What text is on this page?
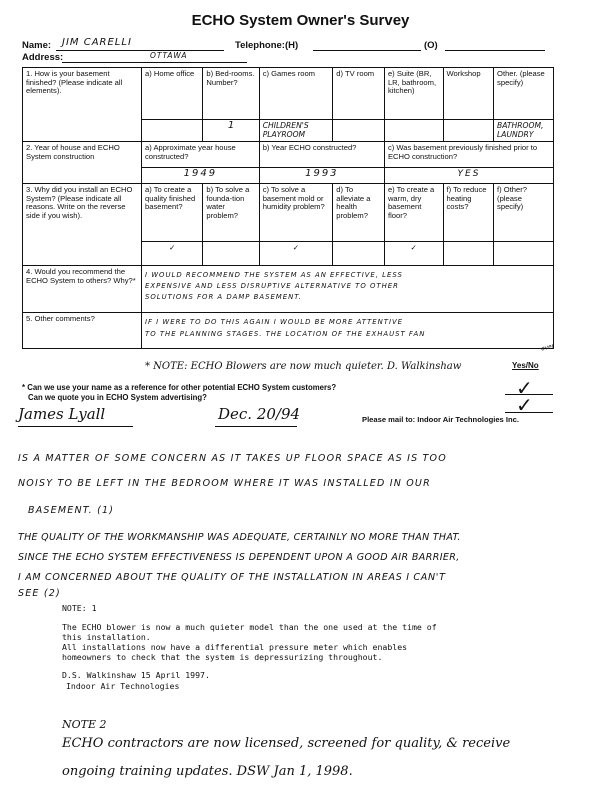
ECHO System Owner's Survey
Name: JIM CARELLI	Telephone:(H)	(O)
Address:	OTTAWA
1. How is your basement finished? (Please indicate all elements).	a) Home office	b) Bed-rooms. Number?	c) Games room	d) TV room	e) Suite (BR, LR, bathroom, kitchen)	Workshop	Other. (please specify)
		1	CHILDREN'S PLAYROOM				BATHROOM, LAUNDRY
2. Year of house and ECHO System construction	a) Approximate year house constructed?		b) Year ECHO constructed?		c) Was basement previously finished prior to ECHO construction?		
	1949		1993		YES		
3. Why did you install an ECHO System? (Please indicate all reasons. Write on the reverse side if you wish).	a) To create a quality finished basement?	b) To solve a founda-tion water problem?	c) To solve a basement mold or humidity problem?	d) To alleviate a health problem?	e) To create a warm, dry basement floor?	f) To reduce heating costs?	f) Other? (please specify)
	✓		✓		✓		
4. Would you recommend the ECHO System to others? Why?*	I WOULD RECOMMEND THE SYSTEM AS AN EFFECTIVE, LESS
EXPENSIVE AND LESS DISRUPTIVE ALTERNATIVE TO OTHER
SOLUTIONS FOR A DAMP BASEMENT.						

5. Other comments?	IF I WERE TO DO THIS AGAIN I WOULD BE MORE ATTENTIVE
TO THE PLANNING STAGES. THE LOCATION OF THE EXHAUST FAN						
over
* NOTE: ECHO Blowers are now much quieter. D. Walkinshaw	Yes/No
* Can we use your name as a reference for other potential ECHO System customers?
Can we quote you in ECHO System advertising?	✓
✓
James Lyall	Dec. 20/94	Please mail to: Indoor Air Technologies Inc.
IS A MATTER OF SOME CONCERN AS IT TAKES UP FLOOR SPACE AS IS TOO
NOISY TO BE LEFT IN THE BEDROOM WHERE IT WAS INSTALLED IN OUR
BASEMENT. (1)
THE QUALITY OF THE WORKMANSHIP WAS ADEQUATE, CERTAINLY NO MORE THAN THAT.
SINCE THE ECHO SYSTEM EFFECTIVENESS IS DEPENDENT UPON A GOOD AIR BARRIER,
I AM CONCERNED ABOUT THE QUALITY OF THE INSTALLATION IN AREAS I CAN'T
SEE (2)
NOTE: 1
The ECHO blower is now a much quieter model than the one used at the time of
this installation.
All installations now have a differential pressure meter which enables
homeowners to check that the system is depressurizing throughout.
D.S. Walkinshaw 15 April 1997.
Indoor Air Technologies
NOTE 2
ECHO contractors are now licensed, screened for quality, & receive
ongoing training updates. DSW Jan 1, 1998.
